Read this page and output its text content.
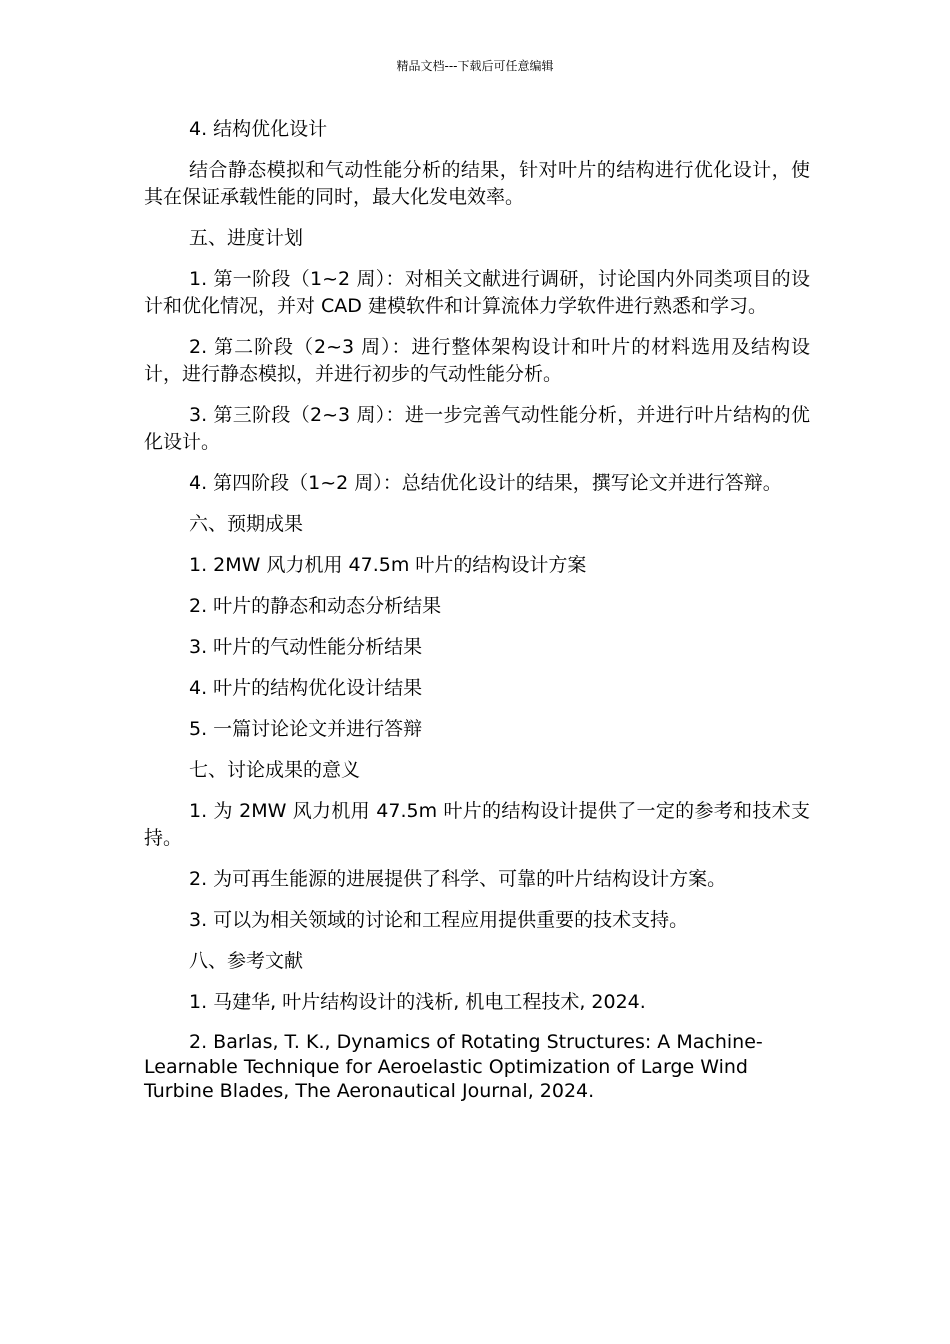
精品文档---下载后可任意编辑

4. 结构优化设计

结合静态模拟和气动性能分析的结果，针对叶片的结构进行优化设计，使其在保证承载性能的同时，最大化发电效率。

五、进度计划

1. 第一阶段（1~2 周）：对相关文献进行调研，讨论国内外同类项目的设计和优化情况，并对 CAD 建模软件和计算流体力学软件进行熟悉和学习。

2. 第二阶段（2~3 周）：进行整体架构设计和叶片的材料选用及结构设计，进行静态模拟，并进行初步的气动性能分析。

3. 第三阶段（2~3 周）：进一步完善气动性能分析，并进行叶片结构的优化设计。

4. 第四阶段（1~2 周）：总结优化设计的结果，撰写论文并进行答辩。

六、预期成果

1. 2MW 风力机用 47.5m 叶片的结构设计方案

2. 叶片的静态和动态分析结果

3. 叶片的气动性能分析结果

4. 叶片的结构优化设计结果

5. 一篇讨论论文并进行答辩

七、讨论成果的意义

1. 为 2MW 风力机用 47.5m 叶片的结构设计提供了一定的参考和技术支持。

2. 为可再生能源的进展提供了科学、可靠的叶片结构设计方案。

3. 可以为相关领域的讨论和工程应用提供重要的技术支持。

八、参考文献

1. 马建华, 叶片结构设计的浅析, 机电工程技术, 2024.

2. Barlas, T. K., Dynamics of Rotating Structures: A Machine-Learnable Technique for Aeroelastic Optimization of Large Wind Turbine Blades, The Aeronautical Journal, 2024.
